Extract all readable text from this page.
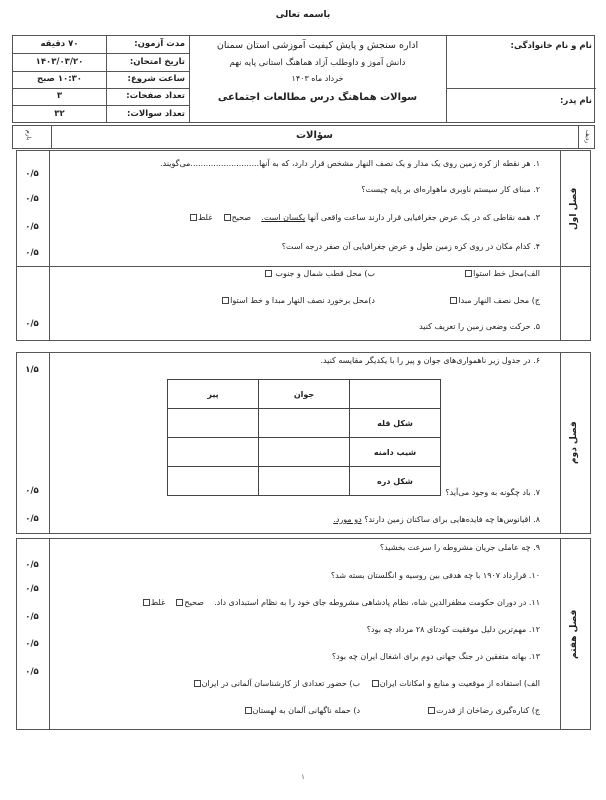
باسمه تعالی
۷۰ دقیقه	مدت آزمون:
۱۴۰۳/۰۳/۲۰	تاریخ امتحان:
۱۰:۳۰ صبح	ساعت شروع:
۳	تعداد صفحات:
۳۲	تعداد سوالات:
اداره سنجش و پایش کیفیت آموزشی استان سمنان
دانش آموز و داوطلب آزاد هماهنگ استانی پایه نهم
خرداد ماه ۱۴۰۳
سوالات هماهنگ درس مطالعات اجتماعی
نام و نام خانوادگی:
نام پدر:
بارم	سؤالات	ردیف
فصل اول
۱. هر نقطه از کره زمین روی یک مدار و یک نصف النهار مشخص قرار دارد، که به آنها...........................می‌گویند.
۰/۵
۲. مبنای کار سیستم ناوبری ماهواره‌ای بر پایه چیست؟
۰/۵
۳. همه نقاطی که در یک عرض جغرافیایی قرار دارند ساعت واقعی آنها یکسان است.    صحیح    غلط
۰/۵
۴. کدام مکان در روی کره زمین طول و عرض جغرافیایی آن صفر درجه است؟
۰/۵
الف)محل خط استوا
ب) محل قطب شمال و جنوب
ج) محل نصف النهار مبدا
د)محل برخورد نصف النهار مبدا و خط استوا
۵. حرکت وضعی زمین را تعریف کنید
۰/۵
فصل دوم
۶. در جدول زیر ناهمواری‌های جوان و پیر را با یکدیگر مقایسه کنید.
۱/۵
	جوان	پیر
شکل قله		
شیب دامنه		
شکل دره		
۷. باد چگونه به وجود می‌آید؟
۰/۵
۸. اقیانوس‌ها چه فایده‌هایی برای ساکنان زمین دارند؟ دو مورد.
۰/۵
فصل هفتم
۹. چه عاملی جریان مشروطه را سرعت بخشید؟
۰/۵
۱۰. قرارداد ۱۹۰۷ با چه هدفی بین روسیه و انگلستان بسته شد؟
۰/۵
۱۱. در دوران حکومت مظفرالدین شاه، نظام پادشاهی مشروطه جای خود را به نظام استبدادی داد.    صحیح    غلط
۰/۵
۱۲. مهم‌ترین دلیل موفقیت کودتای ۲۸ مرداد چه بود؟
۰/۵
۱۳. بهانه متفقین در جنگ جهانی دوم برای اشغال ایران چه بود؟
۰/۵
الف) استفاده از موقعیت و منابع و امکانات ایران
ب) حضور تعدادی از کارشناسان آلمانی در ایران
ج) کناره‌گیری رضاخان از قدرت
د) حمله ناگهانی آلمان به لهستان
۱
